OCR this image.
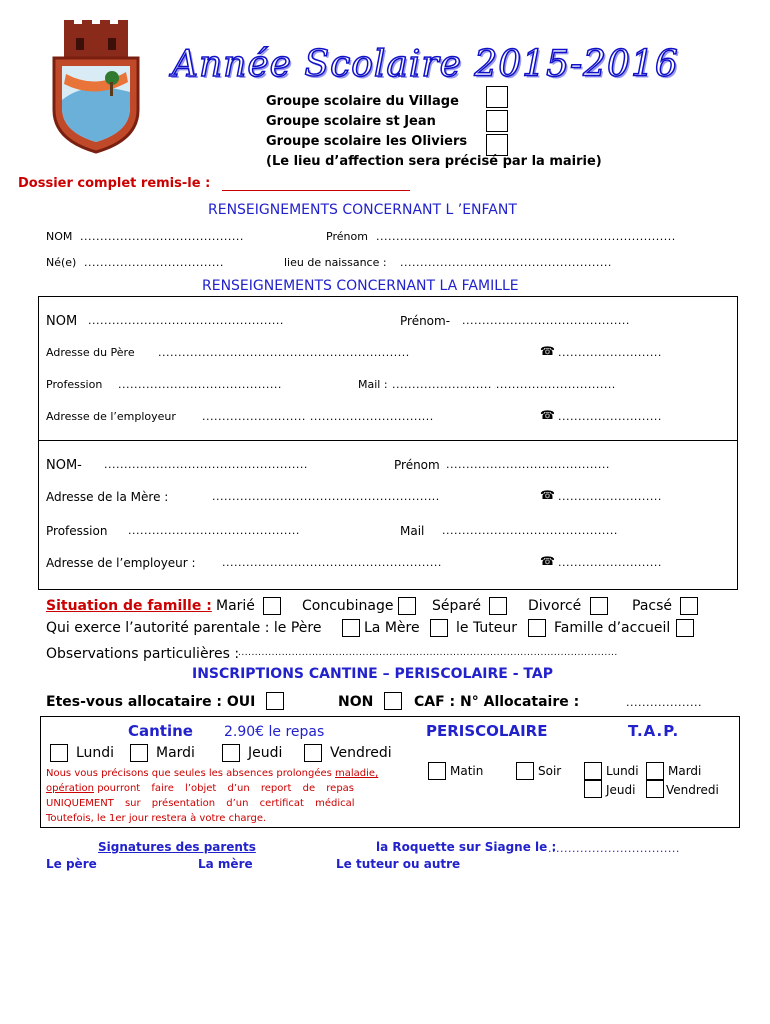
Année Scolaire 2015-2016
Groupe scolaire du Village
Groupe scolaire st Jean
Groupe scolaire les Oliviers
(Le lieu d’affection sera précisé par la mairie)
Dossier complet remis-le :
RENSEIGNEMENTS CONCERNANT L ’ENFANT
NOM .........................................	Prénom ...........................................................................
Né(e) ...................................	lieu de naissance : .....................................................
RENSEIGNEMENTS CONCERNANT LA FAMILLE
NOM .................................................	Prénom- ..........................................
Adresse du Père ...............................................................	☎ ..........................
Profession .........................................	Mail : ......................... ..............................
Adresse de l’employeur .......................... ...............................	☎ ..........................
NOM- ...................................................	Prénom .........................................
Adresse de la Mère :	.........................................................	☎ ..........................
Profession ...........................................	Mail ............................................
Adresse de l’employeur : .......................................................	☎ ..........................
Situation de famille : Marié	Concubinage	Séparé	Divorcé	Pacsé
Qui exerce l’autorité parentale : le Père	La Mère	le Tuteur	Famille d’accueil
Observations particulières :
.................................................................................................................
INSCRIPTIONS CANTINE – PERISCOLAIRE - TAP
Etes-vous allocataire : OUI	NON	CAF : N° Allocataire :	...................
Cantine 2.90€ le repas
Lundi	Mardi	Jeudi	Vendredi
Nous vous précisons que seules les absences prolongées maladie,
opération pourront faire l’objet d’un report de repas
UNIQUEMENT sur présentation d’un certificat médical
Toutefois, le 1er jour restera à votre charge.
PERISCOLAIRE
Matin	Soir
T.A.P.
Lundi Mardi
Jeudi	Vendredi
Signatures des parents	la Roquette sur Siagne le :
.................................
Le père	La mère	Le tuteur ou autre
